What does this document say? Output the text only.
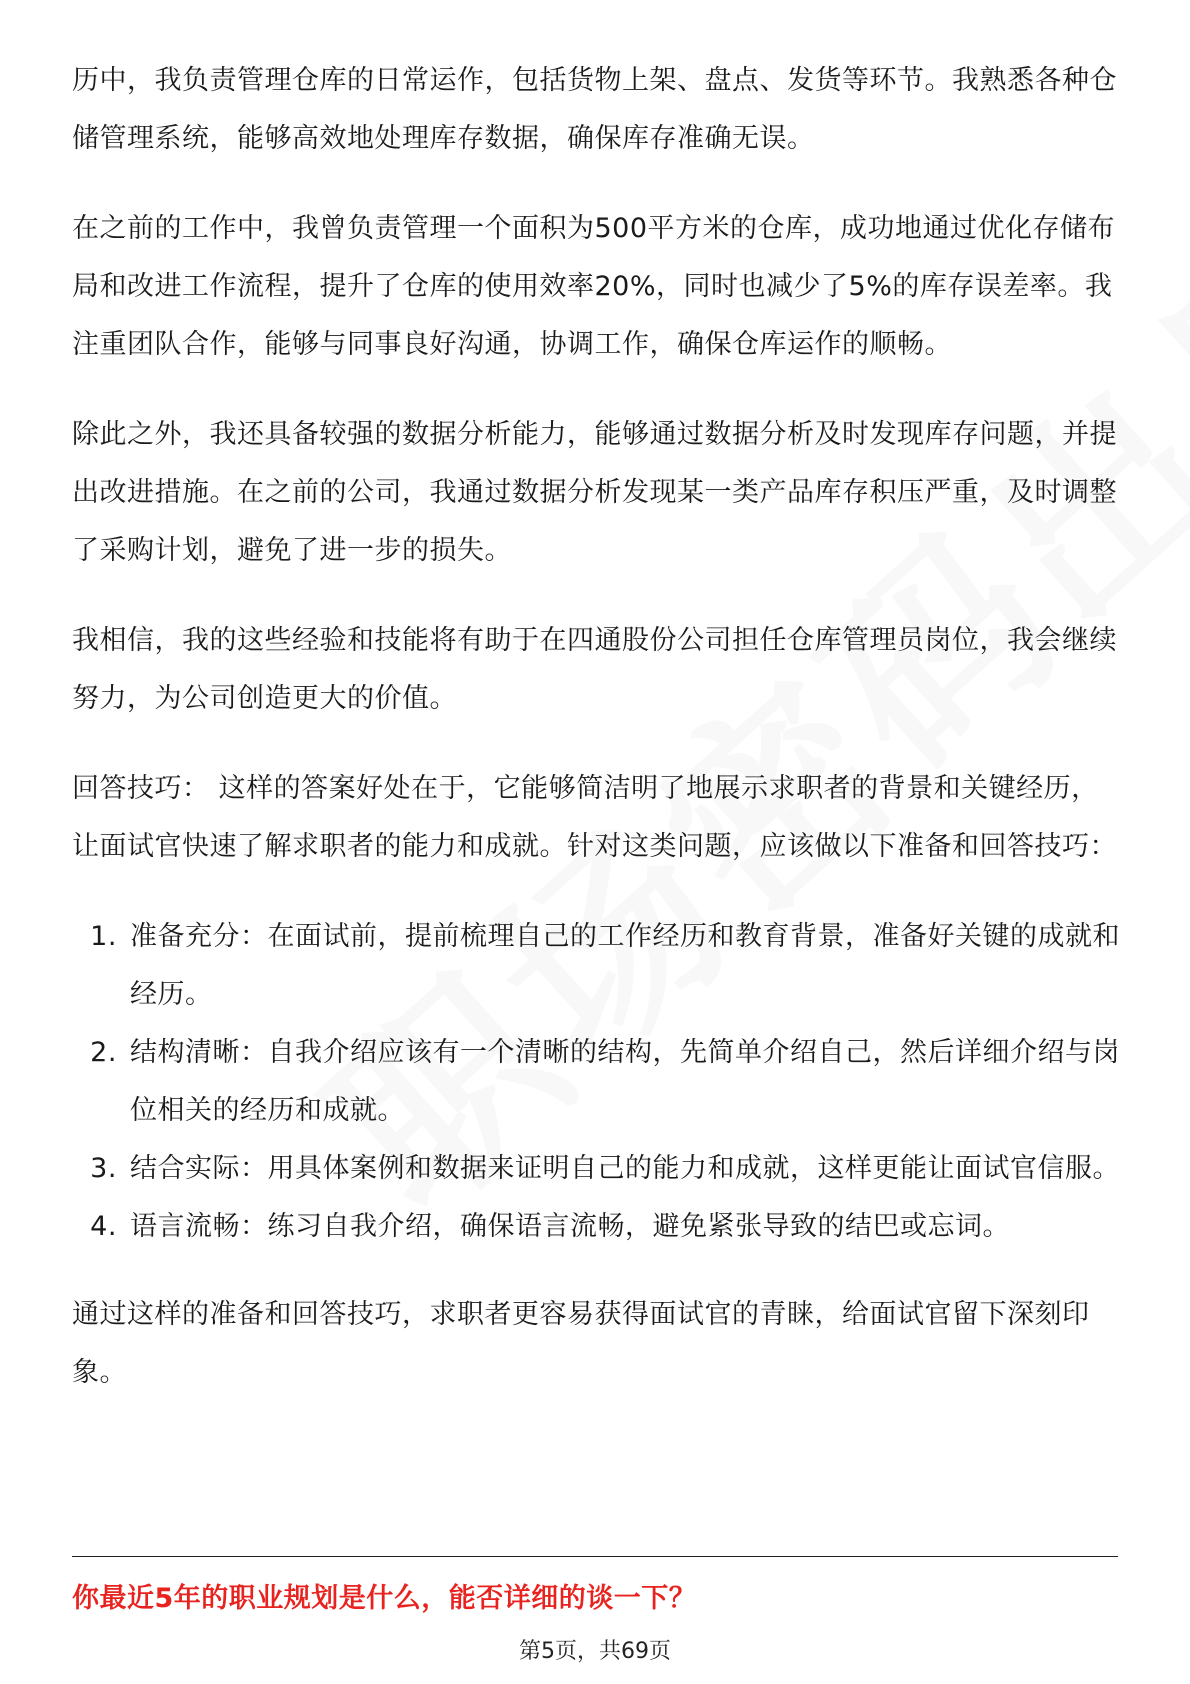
历中，我负责管理仓库的日常运作，包括货物上架、盘点、发货等环节。我熟悉各种仓储管理系统，能够高效地处理库存数据，确保库存准确无误。

在之前的工作中，我曾负责管理一个面积为500平方米的仓库，成功地通过优化存储布局和改进工作流程，提升了仓库的使用效率20%，同时也减少了5%的库存误差率。我注重团队合作，能够与同事良好沟通，协调工作，确保仓库运作的顺畅。

除此之外，我还具备较强的数据分析能力，能够通过数据分析及时发现库存问题，并提出改进措施。在之前的公司，我通过数据分析发现某一类产品库存积压严重，及时调整了采购计划，避免了进一步的损失。

我相信，我的这些经验和技能将有助于在四通股份公司担任仓库管理员岗位，我会继续努力，为公司创造更大的价值。

回答技巧： 这样的答案好处在于，它能够简洁明了地展示求职者的背景和关键经历，让面试官快速了解求职者的能力和成就。针对这类问题，应该做以下准备和回答技巧：

1. 准备充分：在面试前，提前梳理自己的工作经历和教育背景，准备好关键的成就和经历。
2. 结构清晰：自我介绍应该有一个清晰的结构，先简单介绍自己，然后详细介绍与岗位相关的经历和成就。
3. 结合实际：用具体案例和数据来证明自己的能力和成就，这样更能让面试官信服。
4. 语言流畅：练习自我介绍，确保语言流畅，避免紧张导致的结巴或忘词。

通过这样的准备和回答技巧，求职者更容易获得面试官的青睐，给面试官留下深刻印象。

你最近5年的职业规划是什么，能否详细的谈一下？

第5页，共69页
